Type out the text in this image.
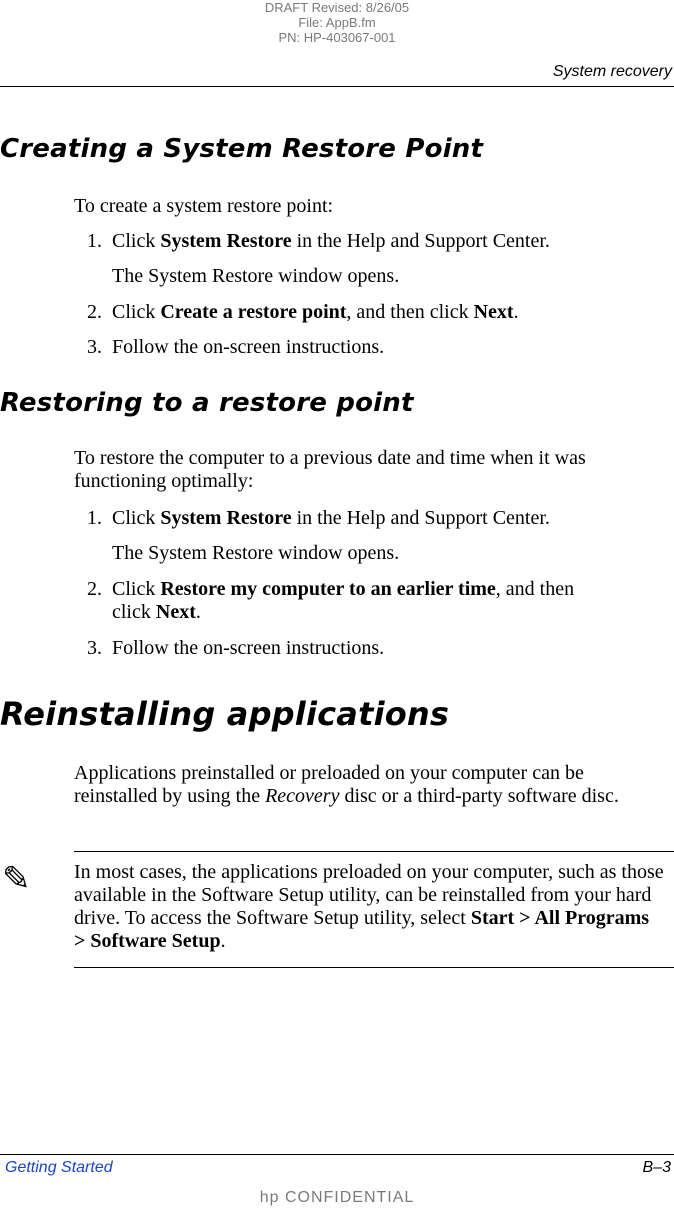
DRAFT Revised: 8/26/05
File: AppB.fm
PN: HP-403067-001
System recovery
Creating a System Restore Point
To create a system restore point:
1. Click System Restore in the Help and Support Center.
The System Restore window opens.
2. Click Create a restore point, and then click Next.
3. Follow the on-screen instructions.
Restoring to a restore point
To restore the computer to a previous date and time when it was functioning optimally:
1. Click System Restore in the Help and Support Center.
The System Restore window opens.
2. Click Restore my computer to an earlier time, and then
click Next.
3. Follow the on-screen instructions.
Reinstalling applications
Applications preinstalled or preloaded on your computer can be reinstalled by using the Recovery disc or a third-party software disc.
✎ In most cases, the applications preloaded on your computer, such as those available in the Software Setup utility, can be reinstalled from your hard drive. To access the Software Setup utility, select Start > All Programs > Software Setup.
Getting Started	B–3
hp CONFIDENTIAL
